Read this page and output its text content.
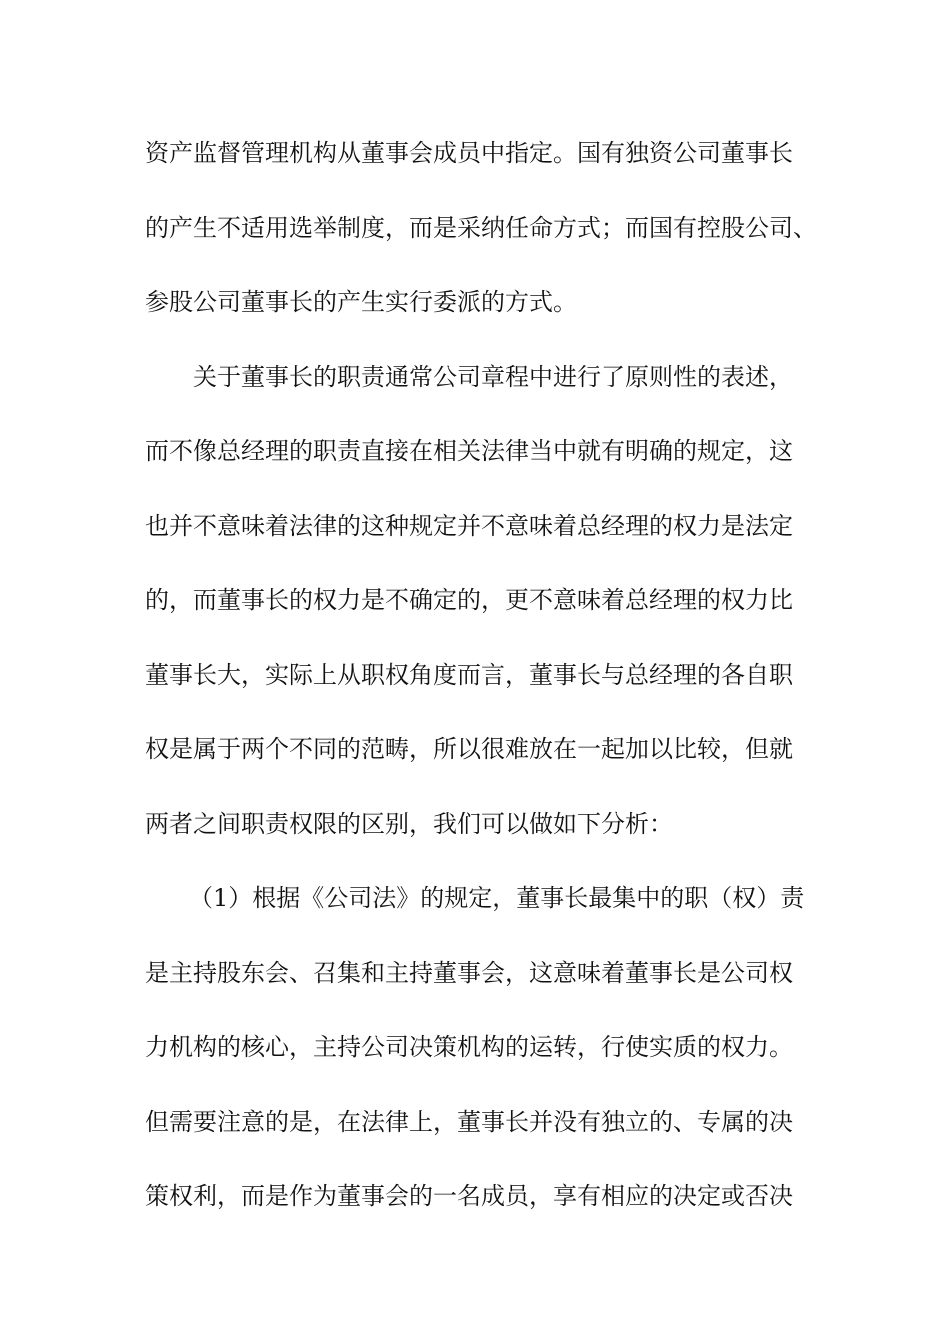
资产监督管理机构从董事会成员中指定。国有独资公司董事长
的产生不适用选举制度，而是采纳任命方式；而国有控股公司、
参股公司董事长的产生实行委派的方式。
关于董事长的职责通常公司章程中进行了原则性的表述，
而不像总经理的职责直接在相关法律当中就有明确的规定，这
也并不意味着法律的这种规定并不意味着总经理的权力是法定
的，而董事长的权力是不确定的，更不意味着总经理的权力比
董事长大，实际上从职权角度而言，董事长与总经理的各自职
权是属于两个不同的范畴，所以很难放在一起加以比较，但就
两者之间职责权限的区别，我们可以做如下分析：
（1）根据《公司法》的规定，董事长最集中的职（权）责
是主持股东会、召集和主持董事会，这意味着董事长是公司权
力机构的核心，主持公司决策机构的运转，行使实质的权力。
但需要注意的是，在法律上，董事长并没有独立的、专属的决
策权利，而是作为董事会的一名成员，享有相应的决定或否决
